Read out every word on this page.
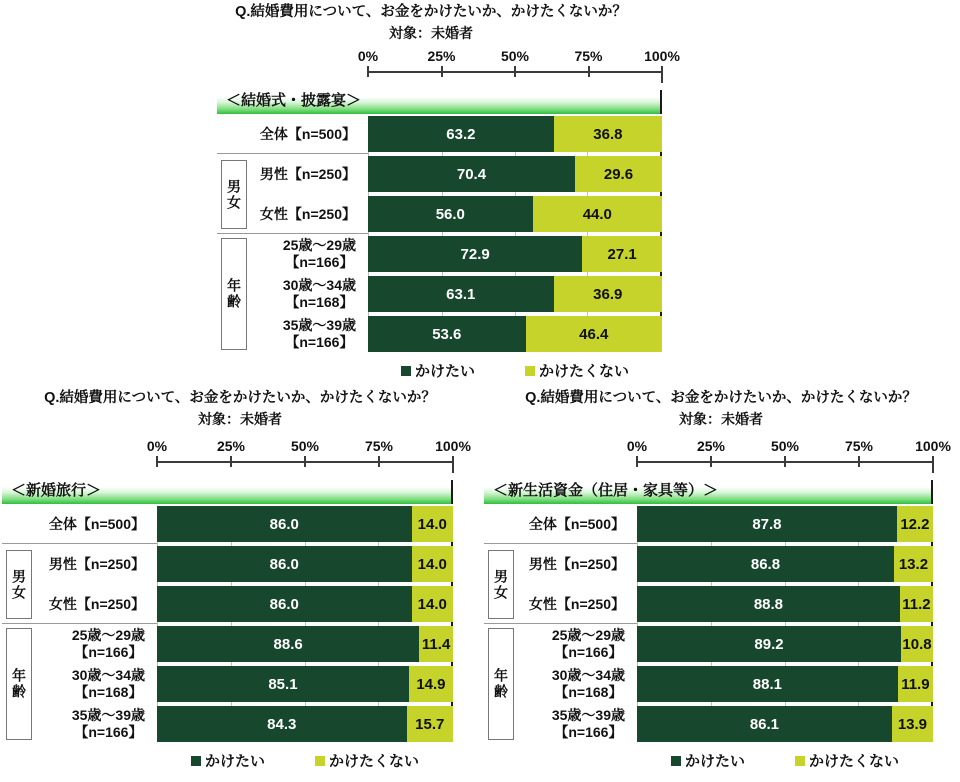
Q.結婚費用について、お金をかけたいか、かけたくないか？
対象：未婚者
0%	25%	50%	75%	100%
＜結婚式・披露宴＞
男女
年齢
全体【n=500】	63.2	36.8
男性【n=250】	70.4	29.6
女性【n=250】	56.0	44.0
25歳～29歳
【n=166】	72.9	27.1
30歳～34歳
【n=168】	63.1	36.9
35歳～39歳
【n=166】	53.6	46.4
かけたい	かけたくない
Q.結婚費用について、お金をかけたいか、かけたくないか？
対象：未婚者
0%	25%	50%	75%	100%
＜新婚旅行＞
男女
年齢
全体【n=500】	86.0	14.0
男性【n=250】	86.0	14.0
女性【n=250】	86.0	14.0
25歳～29歳
【n=166】	88.6	11.4
30歳～34歳
【n=168】	85.1	14.9
35歳～39歳
【n=166】	84.3	15.7
かけたい	かけたくない
Q.結婚費用について、お金をかけたいか、かけたくないか？
対象：未婚者
0%	25%	50%	75%	100%
＜新生活資金（住居・家具等）＞
男女
年齢
全体【n=500】	87.8	12.2
男性【n=250】	86.8	13.2
女性【n=250】	88.8	11.2
25歳～29歳
【n=166】	89.2	10.8
30歳～34歳
【n=168】	88.1	11.9
35歳～39歳
【n=166】	86.1	13.9
かけたい	かけたくない
